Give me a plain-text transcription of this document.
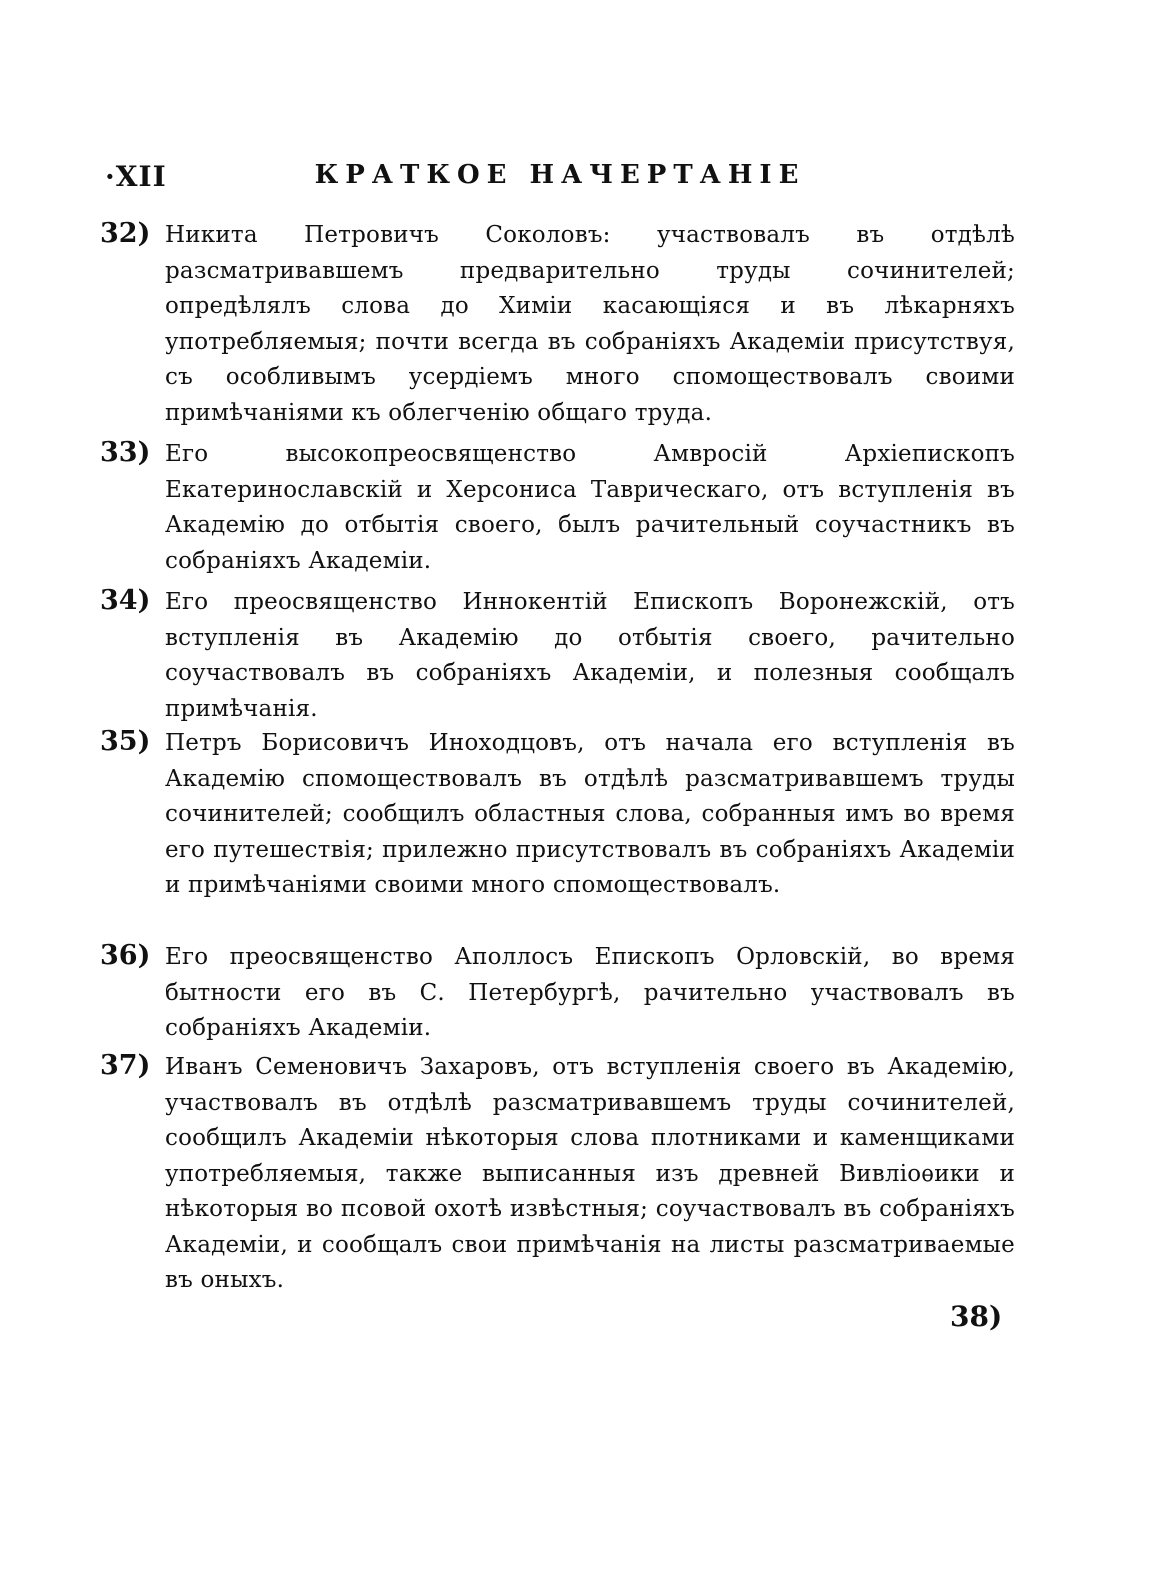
·XII	КРАТКОЕ НАЧЕРТАНІЕ
32) Никита Петровичъ Соколовъ: участвовалъ въ отдѣлѣ разсматривавшемъ предварительно труды сочинителей; опредѣлялъ слова до Химіи касающіяся и въ лѣкарняхъ употребляемыя; почти всегда въ собраніяхъ Академіи присутствуя, съ особливымъ усердіемъ много спомоществовалъ своими примѣчаніями къ облегченію общаго труда.
33) Его высокопреосвященство Амвросій Архіепископъ Екатеринославскій и Херсониса Таврическаго, отъ вступленія въ Академію до отбытія своего, былъ рачительный соучастникъ въ собраніяхъ Академіи.
34) Его преосвященство Иннокентій Епископъ Воронежскій, отъ вступленія въ Академію до отбытія своего, рачительно соучаствовалъ въ собраніяхъ Академіи, и полезныя сообщалъ примѣчанія.
35) Петръ Борисовичъ Иноходцовъ, отъ начала его вступленія въ Академію спомоществовалъ въ отдѣлѣ разсматривавшемъ труды сочинителей; сообщилъ областныя слова, собранныя имъ во время его путешествія; прилежно присутствовалъ въ собраніяхъ Академіи и примѣчаніями своими много спомоществовалъ.
36) Его преосвященство Аполлосъ Епископъ Орловскій, во время бытности его въ С. Петербургѣ, рачительно участвовалъ въ собраніяхъ Академіи.
37) Иванъ Семеновичъ Захаровъ, отъ вступленія своего въ Академію, участвовалъ въ отдѣлѣ разсматривавшемъ труды сочинителей, сообщилъ Академіи нѣкоторыя слова плотниками и каменщиками употребляемыя, также выписанныя изъ древней Вивліоѳики и нѣкоторыя во псовой охотѣ извѣстныя; соучаствовалъ въ собраніяхъ Академіи, и сообщалъ свои примѣчанія на листы разсматриваемые въ оныхъ.
38)
